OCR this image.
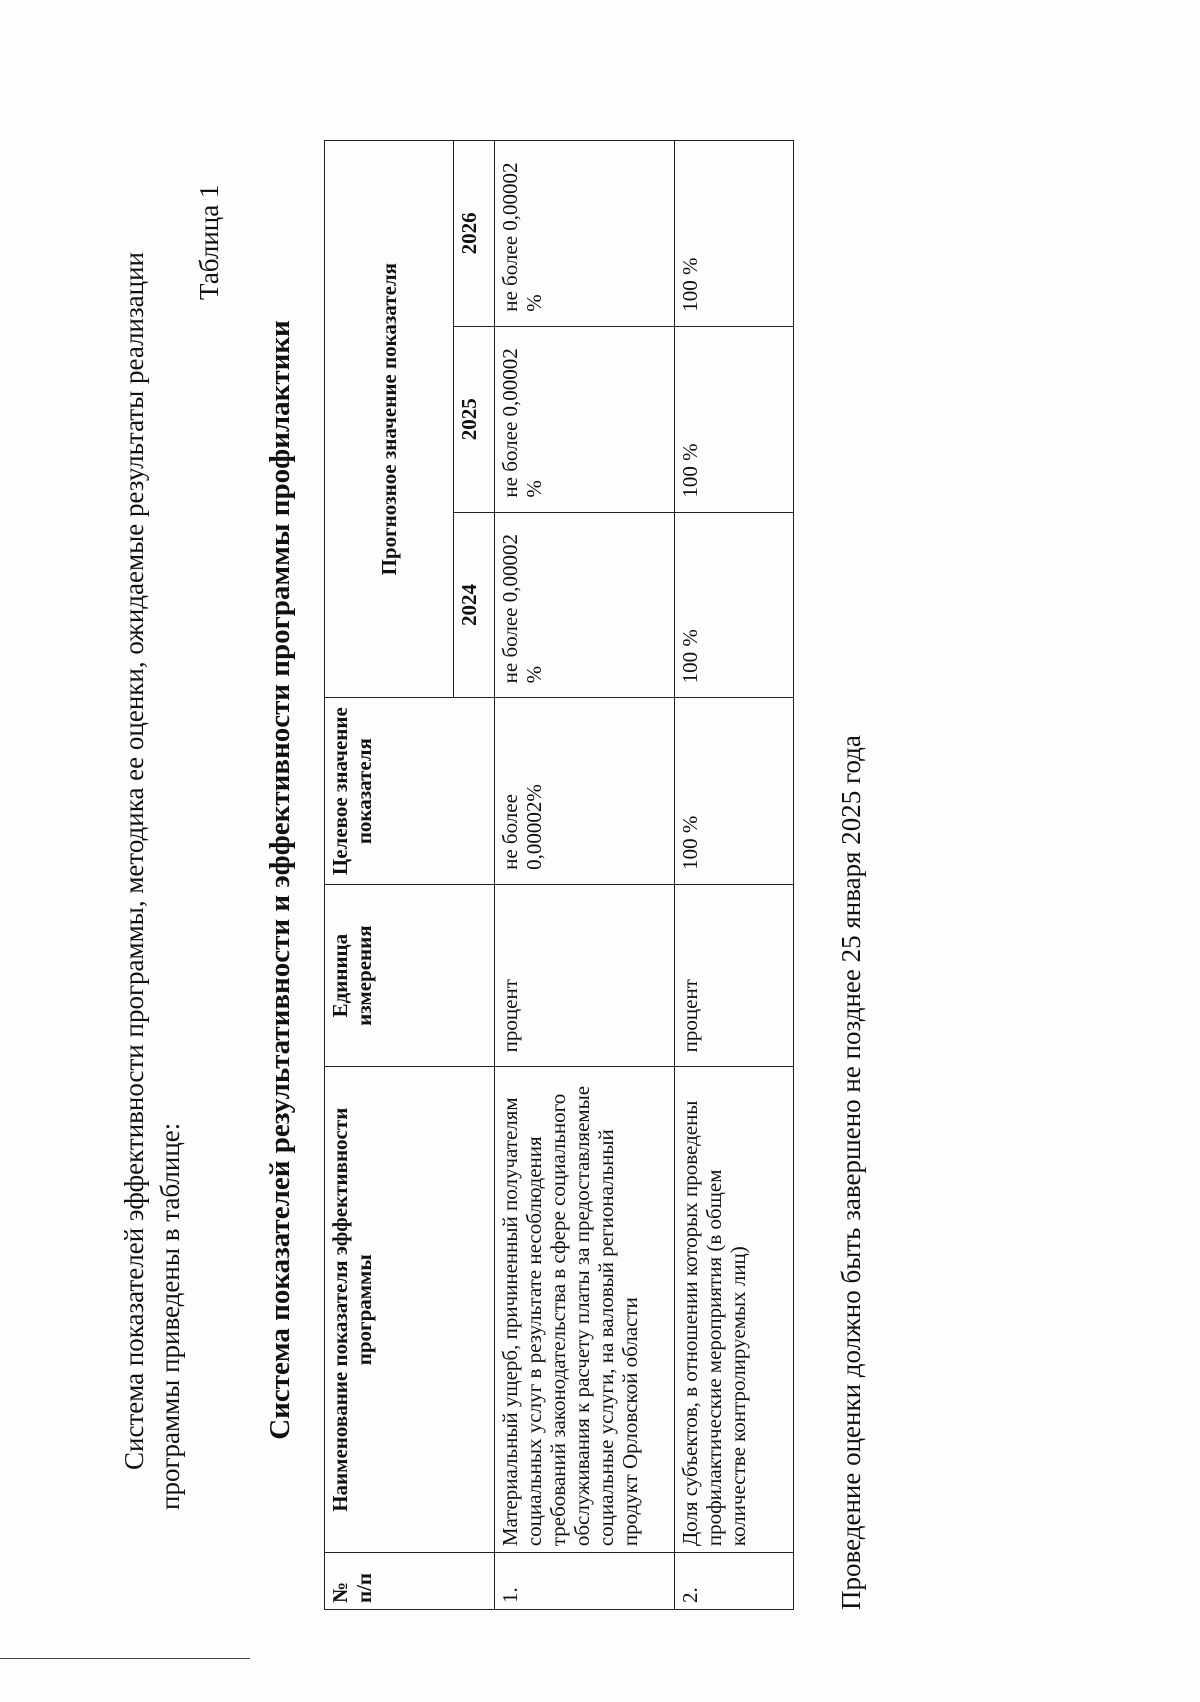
Система показателей эффективности программы, методика ее оценки, ожидаемые результаты реализации программы приведены в таблице:
Таблица 1
Система показателей результативности и эффективности программы профилактики
№ п/п	Наименование показателя эффективности программы	Единица измерения	Целевое значение показателя	Прогнозное значение показателя		
				2024	2025	2026
1.	Материальный ущерб, причиненный получателям социальных услуг в результате несоблюдения требований законодательства в сфере социального обслуживания к расчету платы за предоставляемые социальные услуги, на валовый региональный продукт Орловской области	процент	не более 0,00002%	не более 0,00002 %	не более 0,00002 %	не более 0,00002 %
2.	Доля субъектов, в отношении которых проведены профилактические мероприятия (в общем количестве контролируемых лиц)	процент	100 %	100 %	100 %	100 %
Проведение оценки должно быть завершено не позднее 25 января 2025 года
